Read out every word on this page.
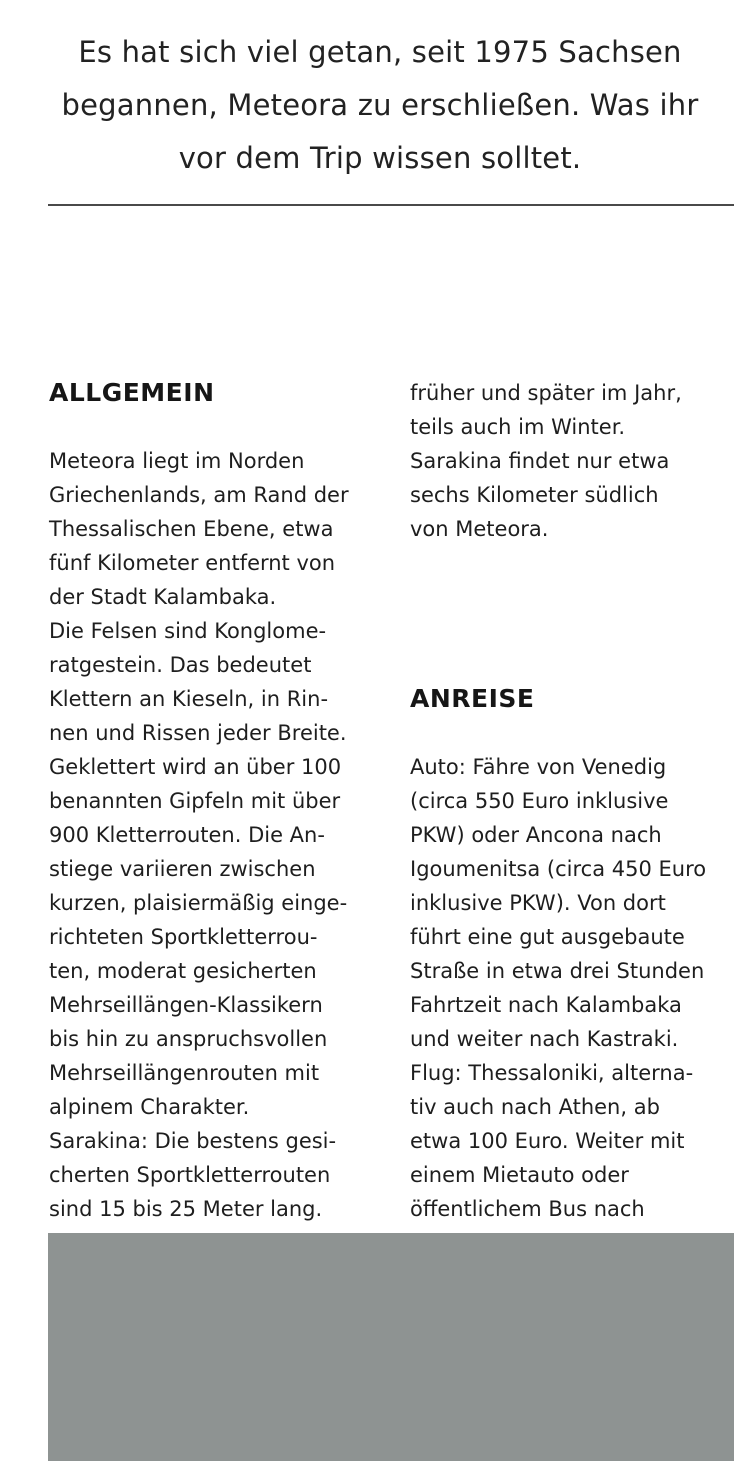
Es hat sich viel getan, seit 1975 Sachsen
begannen, Meteora zu erschließen. Was ihr
vor dem Trip wissen solltet.

ALLGEMEIN

Meteora liegt im Norden
Griechenlands, am Rand der
Thessalischen Ebene, etwa
fünf Kilometer entfernt von
der Stadt Kalambaka.
Die Felsen sind Konglome-
ratgestein. Das bedeutet
Klettern an Kieseln, in Rin-
nen und Rissen jeder Breite.
Geklettert wird an über 100
benannten Gipfeln mit über
900 Kletterrouten. Die An-
stiege variieren zwischen
kurzen, plaisiermäßig einge-
richteten Sportkletterrou-
ten, moderat gesicherten
Mehrseillängen-Klassikern
bis hin zu anspruchsvollen
Mehrseillängenrouten mit
alpinem Charakter.
Sarakina: Die bestens gesi-
cherten Sportkletterrouten
sind 15 bis 25 Meter lang.

früher und später im Jahr,
teils auch im Winter.
Sarakina findet nur etwa
sechs Kilometer südlich
von Meteora.

ANREISE

Auto: Fähre von Venedig
(circa 550 Euro inklusive
PKW) oder Ancona nach
Igoumenitsa (circa 450 Euro
inklusive PKW). Von dort
führt eine gut ausgebaute
Straße in etwa drei Stunden
Fahrtzeit nach Kalambaka
und weiter nach Kastraki.
Flug: Thessaloniki, alterna-
tiv auch nach Athen, ab
etwa 100 Euro. Weiter mit
einem Mietauto oder
öffentlichem Bus nach
